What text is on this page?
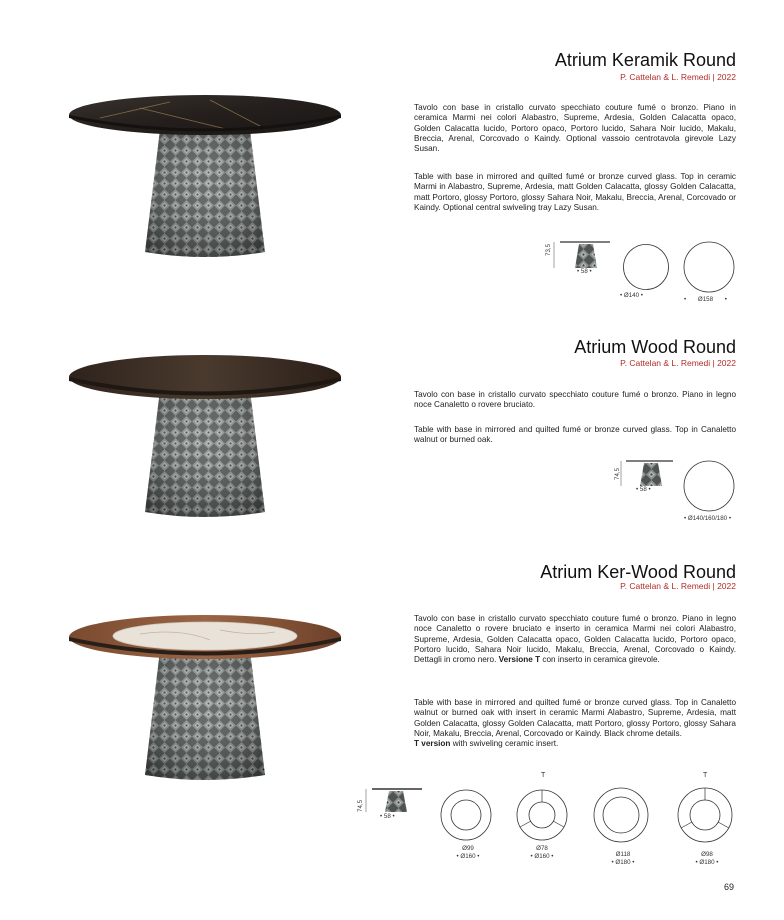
Atrium Keramik Round
P. Cattelan & L. Remedi | 2022
Tavolo con base in cristallo curvato specchiato couture fumé o bronzo. Piano in ceramica Marmi nei colori Alabastro, Supreme, Ardesia, Golden Calacatta opaco, Golden Calacatta lucido, Portoro opaco, Portoro lucido, Sahara Noir lucido, Makalu, Breccia, Arenal, Corcovado o Kaindy. Optional vassoio centrotavola girevole Lazy Susan.
Table with base in mirrored and quilted fumé or bronze curved glass. Top in ceramic Marmi in Alabastro, Supreme, Ardesia, matt Golden Calacatta, glossy Golden Calacatta, matt Portoro, glossy Portoro, glossy Sahara Noir, Makalu, Breccia, Arenal, Corcovado or Kaindy. Optional central swiveling tray Lazy Susan.
73,5
• 58 •
• Ø140 •
• Ø158 •
Atrium Wood Round
P. Cattelan & L. Remedi | 2022
Tavolo con base in cristallo curvato specchiato couture fumé o bronzo. Piano in legno noce Canaletto o rovere bruciato.
Table with base in mirrored and quilted fumé or bronze curved glass. Top in Canaletto walnut or burned oak.
74,5
• 58 •
• Ø140/160/180 •
Atrium Ker-Wood Round
P. Cattelan & L. Remedi | 2022
Tavolo con base in cristallo curvato specchiato couture fumé o bronzo. Piano in legno noce Canaletto o rovere bruciato e inserto in ceramica Marmi nei colori Alabastro, Supreme, Ardesia, Golden Calacatta opaco, Golden Calacatta lucido, Portoro opaco, Portoro lucido, Sahara Noir lucido, Makalu, Breccia, Arenal, Corcovado o Kaindy. Dettagli in cromo nero. Versione T con inserto in ceramica girevole.
Table with base in mirrored and quilted fumé or bronze curved glass. Top in Canaletto walnut or burned oak with insert in ceramic Marmi Alabastro, Supreme, Ardesia, matt Golden Calacatta, glossy Golden Calacatta, matt Portoro, glossy Portoro, glossy Sahara Noir, Makalu, Breccia, Arenal, Corcovado or Kaindy. Black chrome details.
T version with swiveling ceramic insert.
74,5
• 58 •
T	T
Ø99
• Ø160 •
Ø78
• Ø160 •	Ø118
• Ø180 •
Ø98
• Ø180 •
69
